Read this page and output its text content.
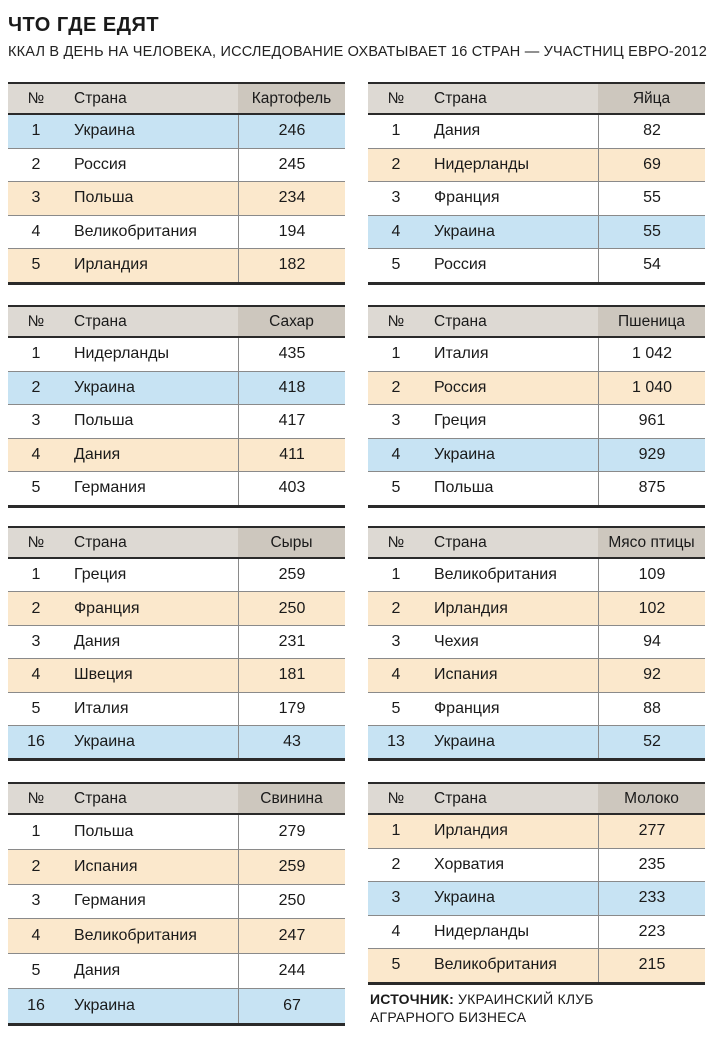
ЧТО ГДЕ ЕДЯТ
ККАЛ В ДЕНЬ НА ЧЕЛОВЕКА, ИССЛЕДОВАНИЕ ОХВАТЫВАЕТ 16 СТРАН — УЧАСТНИЦ ЕВРО-2012
№	Страна	Картофель
1	Украина	246
2	Россия	245
3	Польша	234
4	Великобритания	194
5	Ирландия	182
№	Страна	Яйца
1	Дания	82
2	Нидерланды	69
3	Франция	55
4	Украина	55
5	Россия	54
№	Страна	Сахар
1	Нидерланды	435
2	Украина	418
3	Польша	417
4	Дания	411
5	Германия	403
№	Страна	Пшеница
1	Италия	1 042
2	Россия	1 040
3	Греция	961
4	Украина	929
5	Польша	875
№	Страна	Сыры
1	Греция	259
2	Франция	250
3	Дания	231
4	Швеция	181
5	Италия	179
16	Украина	43
№	Страна	Мясо птицы
1	Великобритания	109
2	Ирландия	102
3	Чехия	94
4	Испания	92
5	Франция	88
13	Украина	52
№	Страна	Свинина
1	Польша	279
2	Испания	259
3	Германия	250
4	Великобритания	247
5	Дания	244
16	Украина	67
№	Страна	Молоко
1	Ирландия	277
2	Хорватия	235
3	Украина	233
4	Нидерланды	223
5	Великобритания	215
ИСТОЧНИК: УКРАИНСКИЙ КЛУБ
АГРАРНОГО БИЗНЕСА
